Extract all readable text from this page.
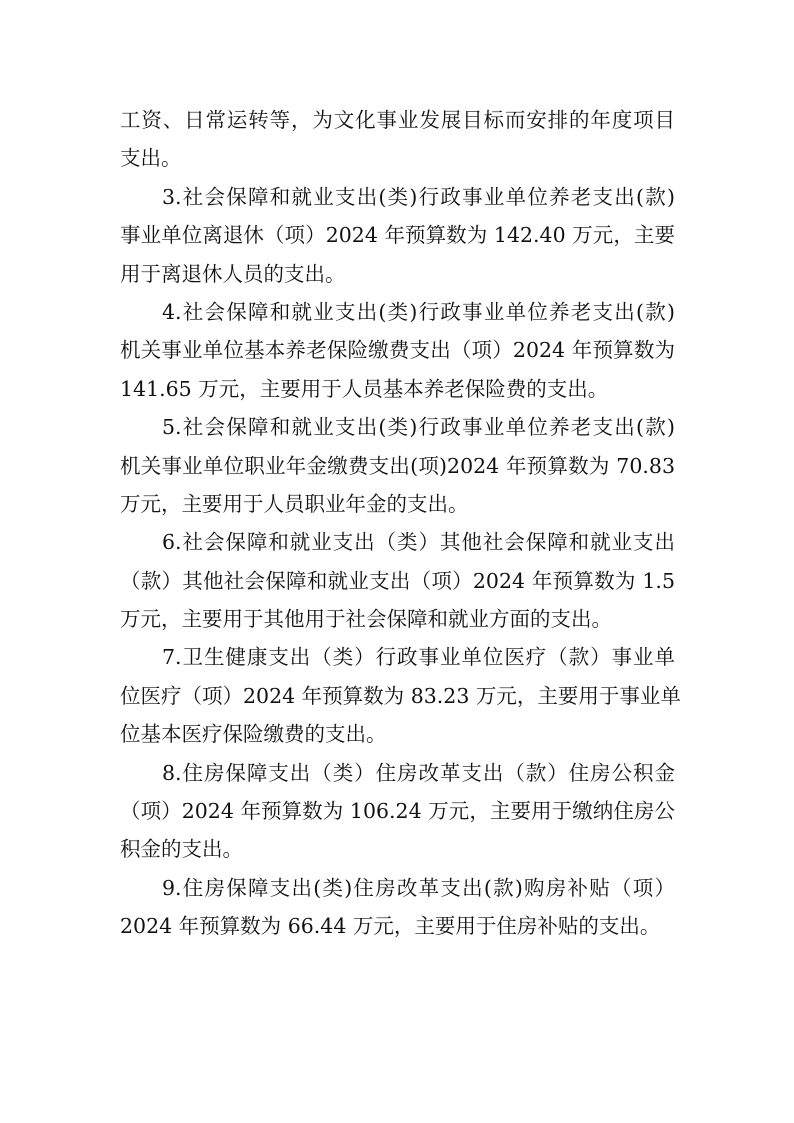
工资、日常运转等，为文化事业发展目标而安排的年度项目
支出。
3.社会保障和就业支出(类)行政事业单位养老支出(款)
事业单位离退休（项）2024 年预算数为 142.40 万元，主要
用于离退休人员的支出。
4.社会保障和就业支出(类)行政事业单位养老支出(款)
机关事业单位基本养老保险缴费支出（项）2024 年预算数为
141.65 万元，主要用于人员基本养老保险费的支出。
5.社会保障和就业支出(类)行政事业单位养老支出(款)
机关事业单位职业年金缴费支出(项)2024 年预算数为 70.83
万元，主要用于人员职业年金的支出。
6.社会保障和就业支出（类）其他社会保障和就业支出
（款）其他社会保障和就业支出（项）2024 年预算数为 1.5
万元，主要用于其他用于社会保障和就业方面的支出。
7.卫生健康支出（类）行政事业单位医疗（款）事业单
位医疗（项）2024 年预算数为 83.23 万元，主要用于事业单
位基本医疗保险缴费的支出。
8.住房保障支出（类）住房改革支出（款）住房公积金
（项）2024 年预算数为 106.24 万元，主要用于缴纳住房公
积金的支出。
9.住房保障支出(类)住房改革支出(款)购房补贴（项）
2024 年预算数为 66.44 万元，主要用于住房补贴的支出。
